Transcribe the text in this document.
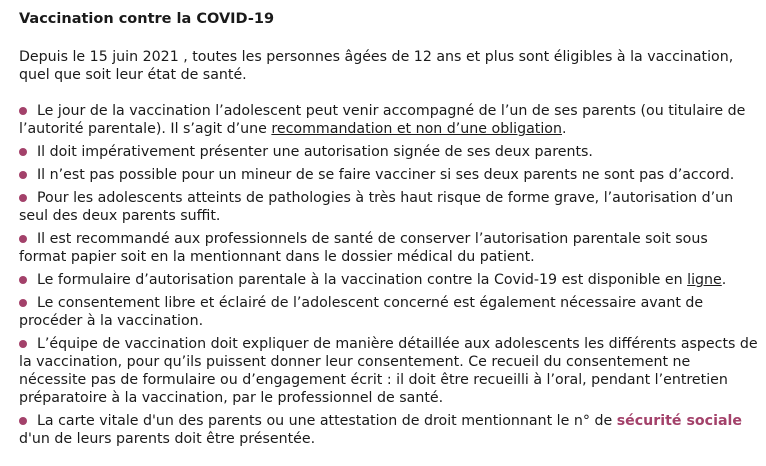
Vaccination contre la COVID-19
Depuis le 15 juin 2021 , toutes les personnes âgées de 12 ans et plus sont éligibles à la vaccination, quel que soit leur état de santé.
Le jour de la vaccination l’adolescent peut venir accompagné de l’un de ses parents (ou titulaire de l’autorité parentale). Il s’agit d’une recommandation et non d’une obligation.
Il doit impérativement présenter une autorisation signée de ses deux parents.
Il n’est pas possible pour un mineur de se faire vacciner si ses deux parents ne sont pas d’accord.
Pour les adolescents atteints de pathologies à très haut risque de forme grave, l’autorisation d’un seul des deux parents suffit.
Il est recommandé aux professionnels de santé de conserver l’autorisation parentale soit sous format papier soit en la mentionnant dans le dossier médical du patient.
Le formulaire d’autorisation parentale à la vaccination contre la Covid-19 est disponible en ligne.
Le consentement libre et éclairé de l’adolescent concerné est également nécessaire avant de procéder à la vaccination.
L’équipe de vaccination doit expliquer de manière détaillée aux adolescents les différents aspects de la vaccination, pour qu’ils puissent donner leur consentement. Ce recueil du consentement ne nécessite pas de formulaire ou d’engagement écrit : il doit être recueilli à l’oral, pendant l’entretien préparatoire à la vaccination, par le professionnel de santé.
La carte vitale d'un des parents ou une attestation de droit mentionnant le n° de sécurité sociale d'un de leurs parents doit être présentée.
